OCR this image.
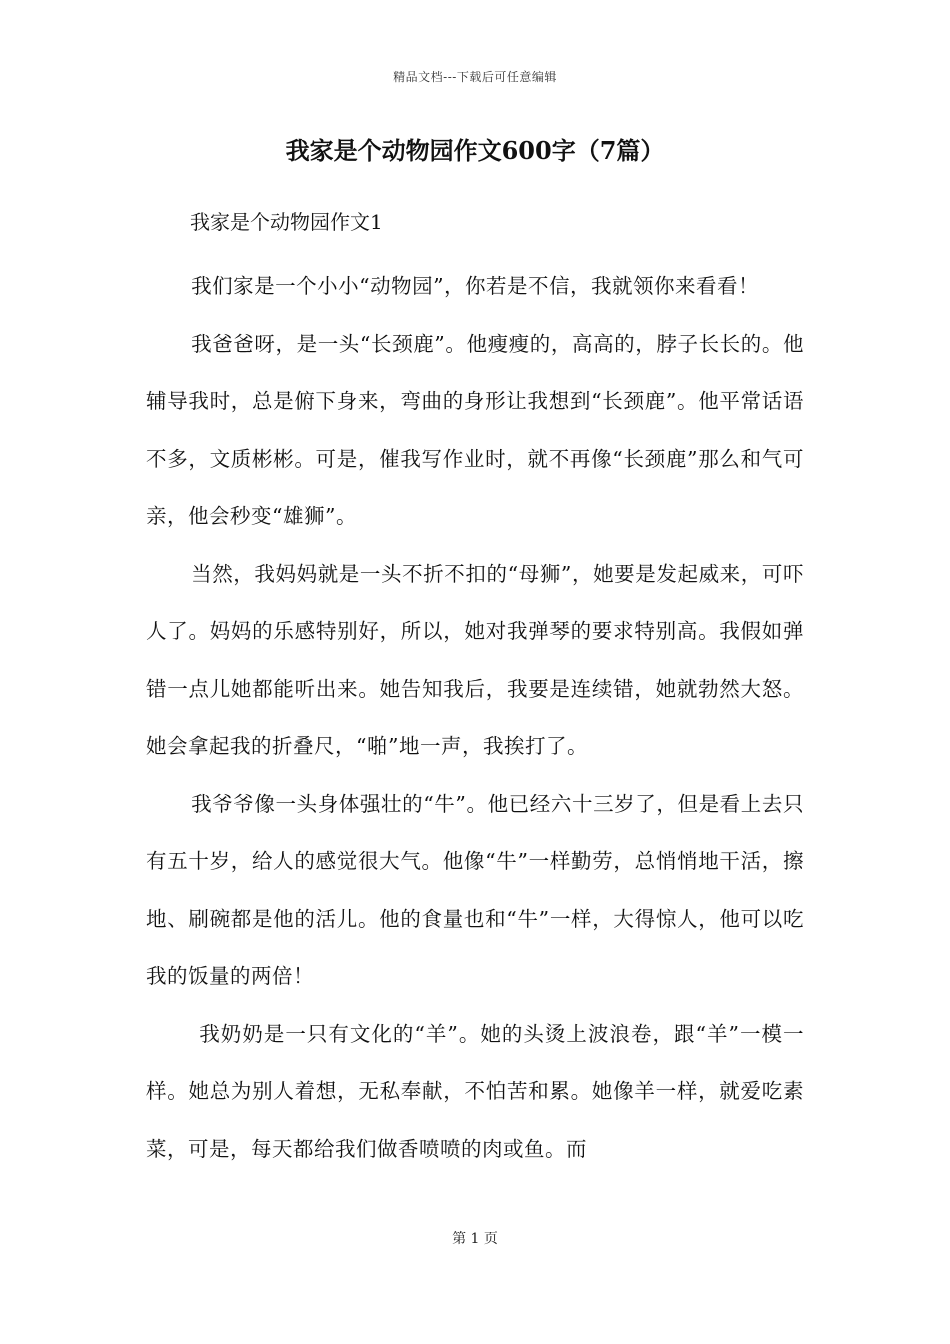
精品文档---下载后可任意编辑
我家是个动物园作文600字（7篇）
我家是个动物园作文1

我们家是一个小小“动物园”，你若是不信，我就领你来看看！

我爸爸呀，是一头“长颈鹿”。他瘦瘦的，高高的，脖子长长的。他辅导我时，总是俯下身来，弯曲的身形让我想到“长颈鹿”。他平常话语不多，文质彬彬。可是，催我写作业时，就不再像“长颈鹿”那么和气可亲，他会秒变“雄狮”。

当然，我妈妈就是一头不折不扣的“母狮”，她要是发起威来，可吓人了。妈妈的乐感特别好，所以，她对我弹琴的要求特别高。我假如弹错一点儿她都能听出来。她告知我后，我要是连续错，她就勃然大怒。她会拿起我的折叠尺，“啪”地一声，我挨打了。

我爷爷像一头身体强壮的“牛”。他已经六十三岁了，但是看上去只有五十岁，给人的感觉很大气。他像“牛”一样勤劳，总悄悄地干活，擦地、刷碗都是他的活儿。他的食量也和“牛”一样，大得惊人，他可以吃我的饭量的两倍！

我奶奶是一只有文化的“羊”。她的头烫上波浪卷，跟“羊”一模一样。她总为别人着想，无私奉献，不怕苦和累。她像羊一样，就爱吃素菜，可是，每天都给我们做香喷喷的肉或鱼。而

第 1 页
